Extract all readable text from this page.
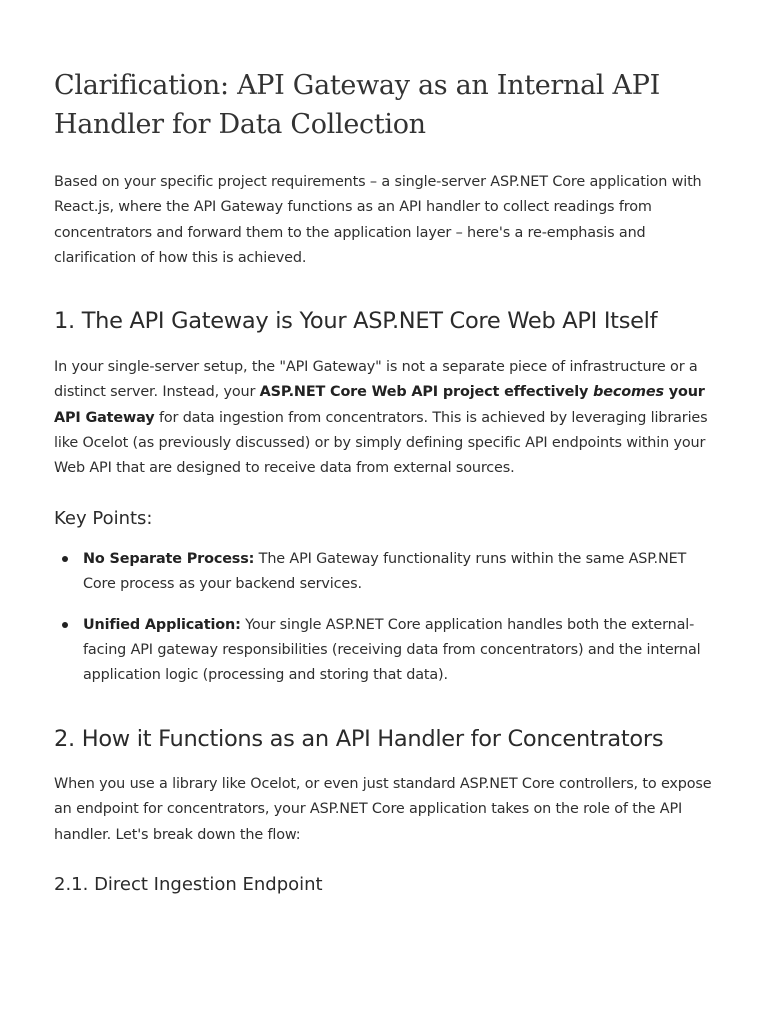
Clarification: API Gateway as an Internal API Handler for Data Collection

Based on your specific project requirements – a single-server ASP.NET Core application with React.js, where the API Gateway functions as an API handler to collect readings from concentrators and forward them to the application layer – here's a re-emphasis and clarification of how this is achieved.

1. The API Gateway is Your ASP.NET Core Web API Itself

In your single-server setup, the "API Gateway" is not a separate piece of infrastructure or a distinct server. Instead, your ASP.NET Core Web API project effectively becomes your API Gateway for data ingestion from concentrators. This is achieved by leveraging libraries like Ocelot (as previously discussed) or by simply defining specific API endpoints within your Web API that are designed to receive data from external sources.

Key Points:
No Separate Process: The API Gateway functionality runs within the same ASP.NET Core process as your backend services.
Unified Application: Your single ASP.NET Core application handles both the external-facing API gateway responsibilities (receiving data from concentrators) and the internal application logic (processing and storing that data).
2. How it Functions as an API Handler for Concentrators

When you use a library like Ocelot, or even just standard ASP.NET Core controllers, to expose an endpoint for concentrators, your ASP.NET Core application takes on the role of the API handler. Let's break down the flow:

2.1. Direct Ingestion Endpoint
